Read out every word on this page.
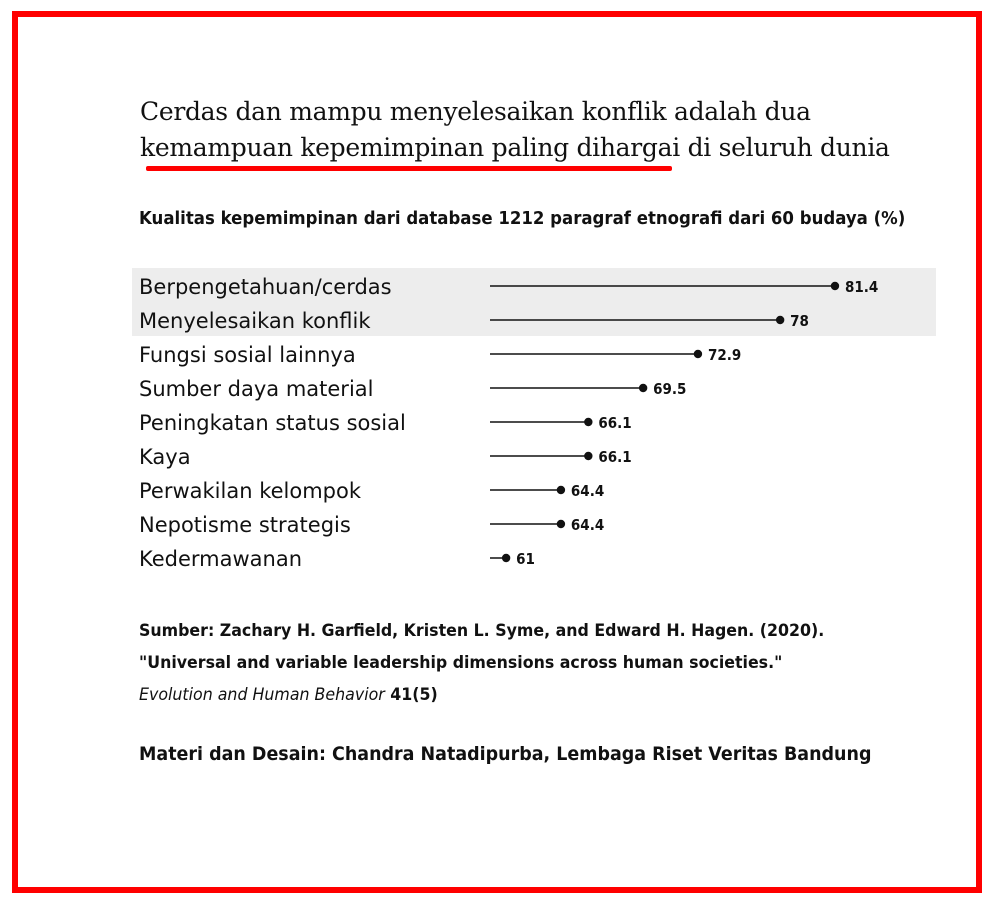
Cerdas dan mampu menyelesaikan konflik adalah dua
kemampuan kepemimpinan paling dihargai di seluruh dunia
Kualitas kepemimpinan dari database 1212 paragraf etnografi dari 60 budaya (%)
Berpengetahuan/cerdas	81.4
Menyelesaikan konflik	78
Fungsi sosial lainnya	72.9
Sumber daya material	69.5
Peningkatan status sosial	66.1
Kaya	66.1
Perwakilan kelompok	64.4
Nepotisme strategis	64.4
Kedermawanan	61
Sumber: Zachary H. Garfield, Kristen L. Syme, and Edward H. Hagen. (2020).
"Universal and variable leadership dimensions across human societies."
Evolution and Human Behavior 41(5)
Materi dan Desain: Chandra Natadipurba, Lembaga Riset Veritas Bandung
